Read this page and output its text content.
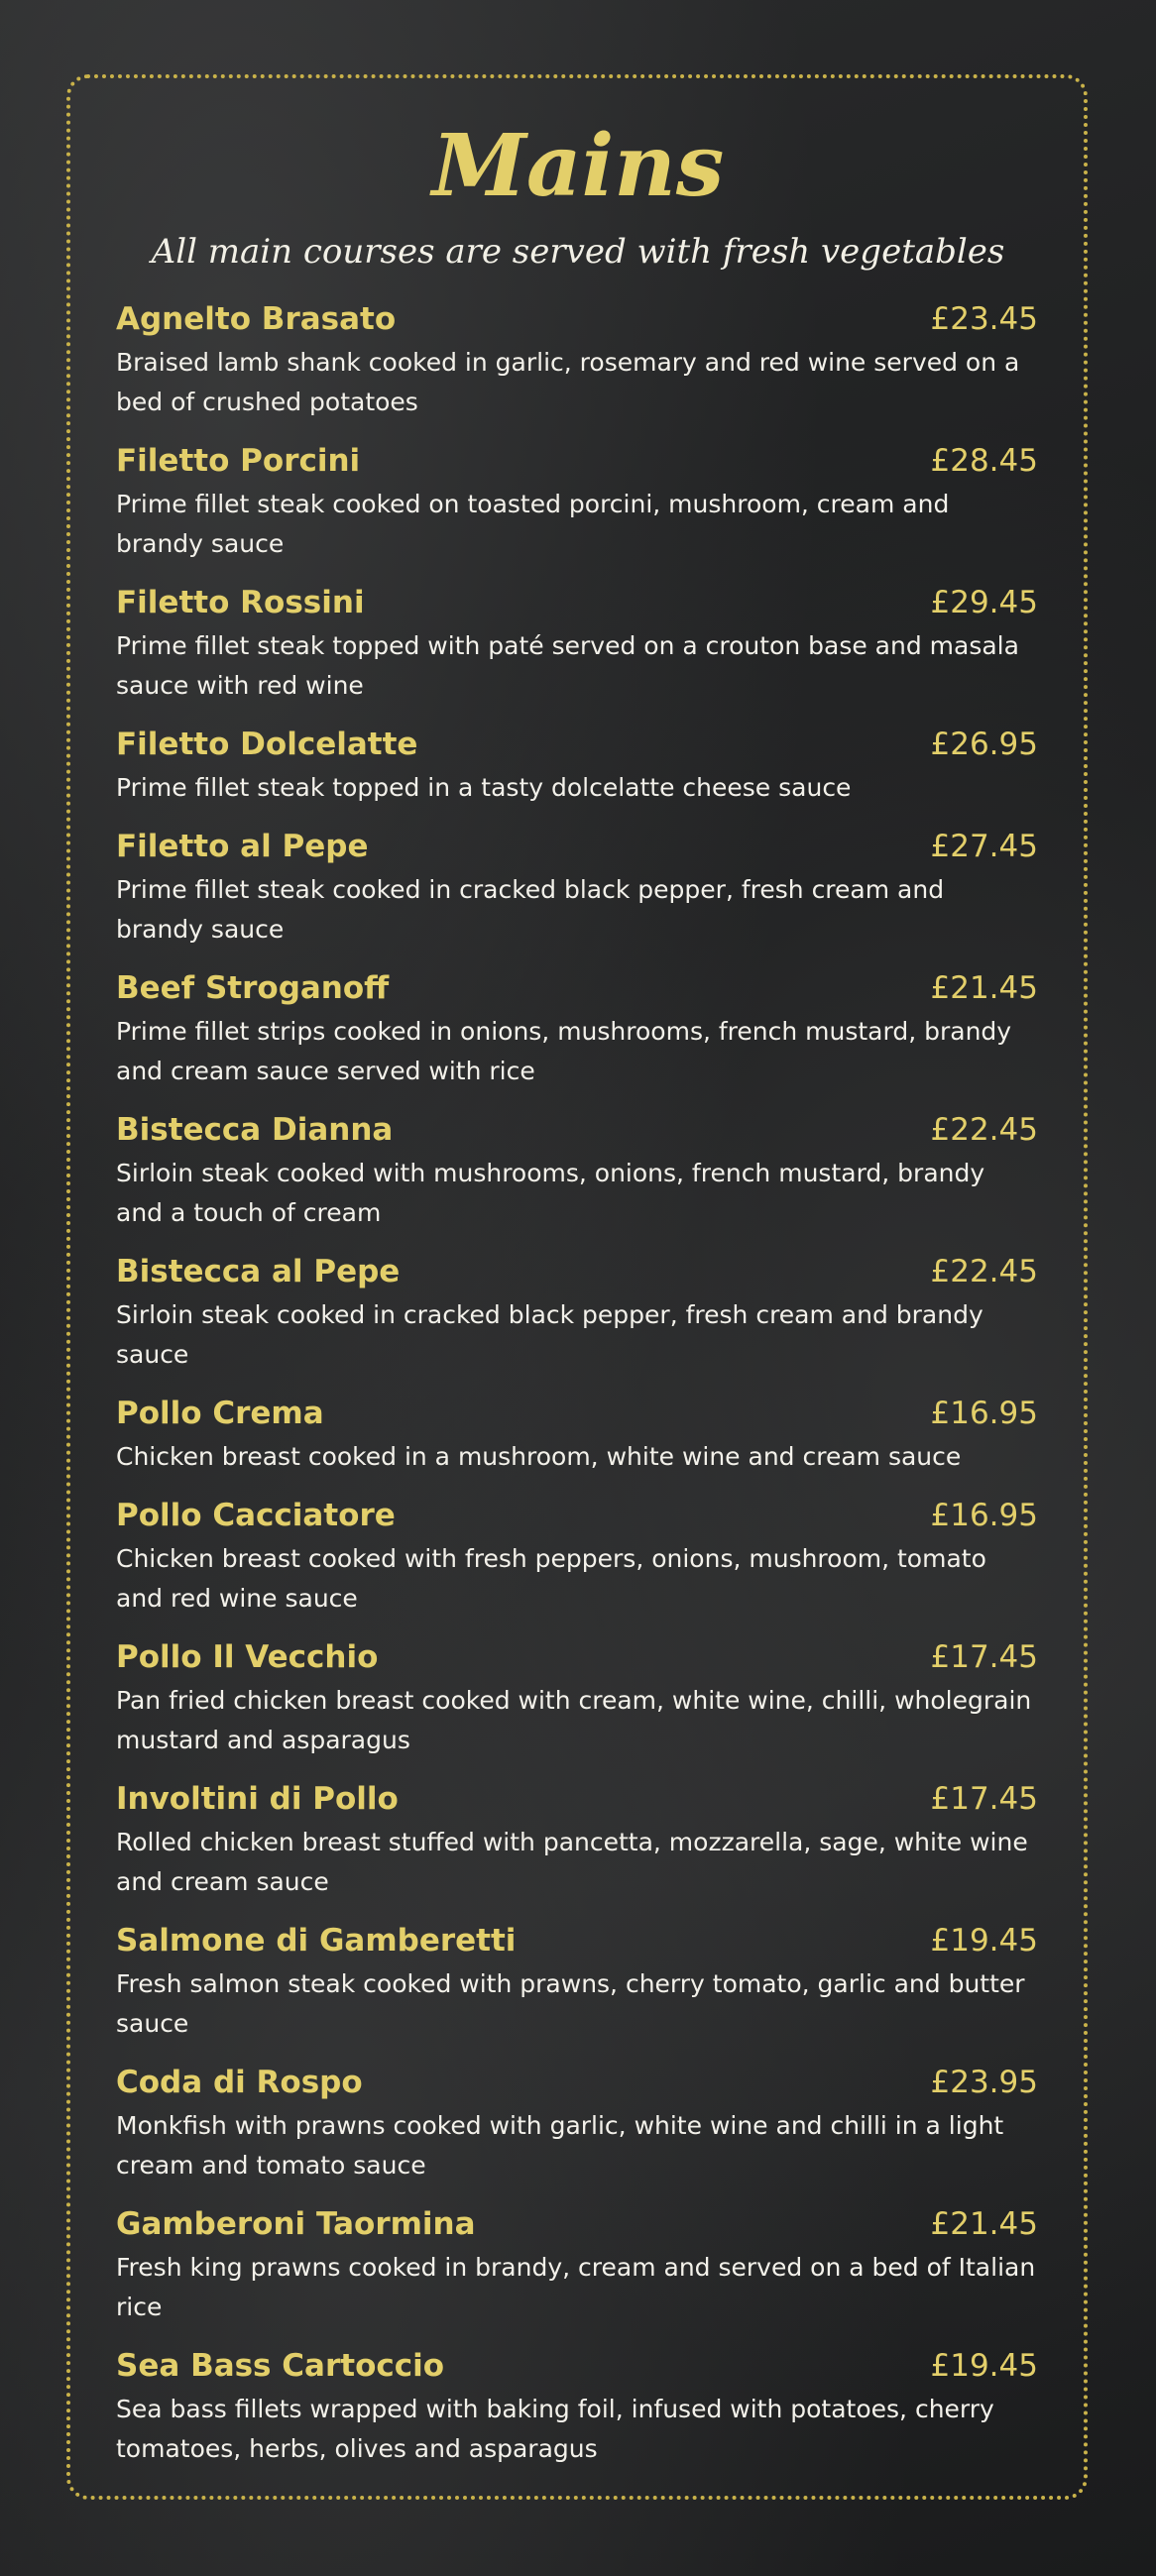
Mains
All main courses are served with fresh vegetables
Agnelto Brasato	£23.45

Braised lamb shank cooked in garlic, rosemary and red wine served on a bed of crushed potatoes

Filetto Porcini	£28.45

Prime fillet steak cooked on toasted porcini, mushroom, cream and brandy sauce

Filetto Rossini	£29.45

Prime fillet steak topped with paté served on a crouton base and masala sauce with red wine

Filetto Dolcelatte	£26.95

Prime fillet steak topped in a tasty dolcelatte cheese sauce

Filetto al Pepe	£27.45

Prime fillet steak cooked in cracked black pepper, fresh cream and brandy sauce

Beef Stroganoff	£21.45

Prime fillet strips cooked in onions, mushrooms, french mustard, brandy and cream sauce served with rice

Bistecca Dianna	£22.45

Sirloin steak cooked with mushrooms, onions, french mustard, brandy and a touch of cream

Bistecca al Pepe	£22.45

Sirloin steak cooked in cracked black pepper, fresh cream and brandy sauce

Pollo Crema	£16.95

Chicken breast cooked in a mushroom, white wine and cream sauce

Pollo Cacciatore	£16.95

Chicken breast cooked with fresh peppers, onions, mushroom, tomato and red wine sauce

Pollo Il Vecchio	£17.45

Pan fried chicken breast cooked with cream, white wine, chilli, wholegrain mustard and asparagus

Involtini di Pollo	£17.45

Rolled chicken breast stuffed with pancetta, mozzarella, sage, white wine and cream sauce

Salmone di Gamberetti	£19.45

Fresh salmon steak cooked with prawns, cherry tomato, garlic and butter sauce

Coda di Rospo	£23.95

Monkfish with prawns cooked with garlic, white wine and chilli in a light cream and tomato sauce

Gamberoni Taormina	£21.45

Fresh king prawns cooked in brandy, cream and served on a bed of Italian rice

Sea Bass Cartoccio	£19.45

Sea bass fillets wrapped with baking foil, infused with potatoes, cherry tomatoes, herbs, olives and asparagus
